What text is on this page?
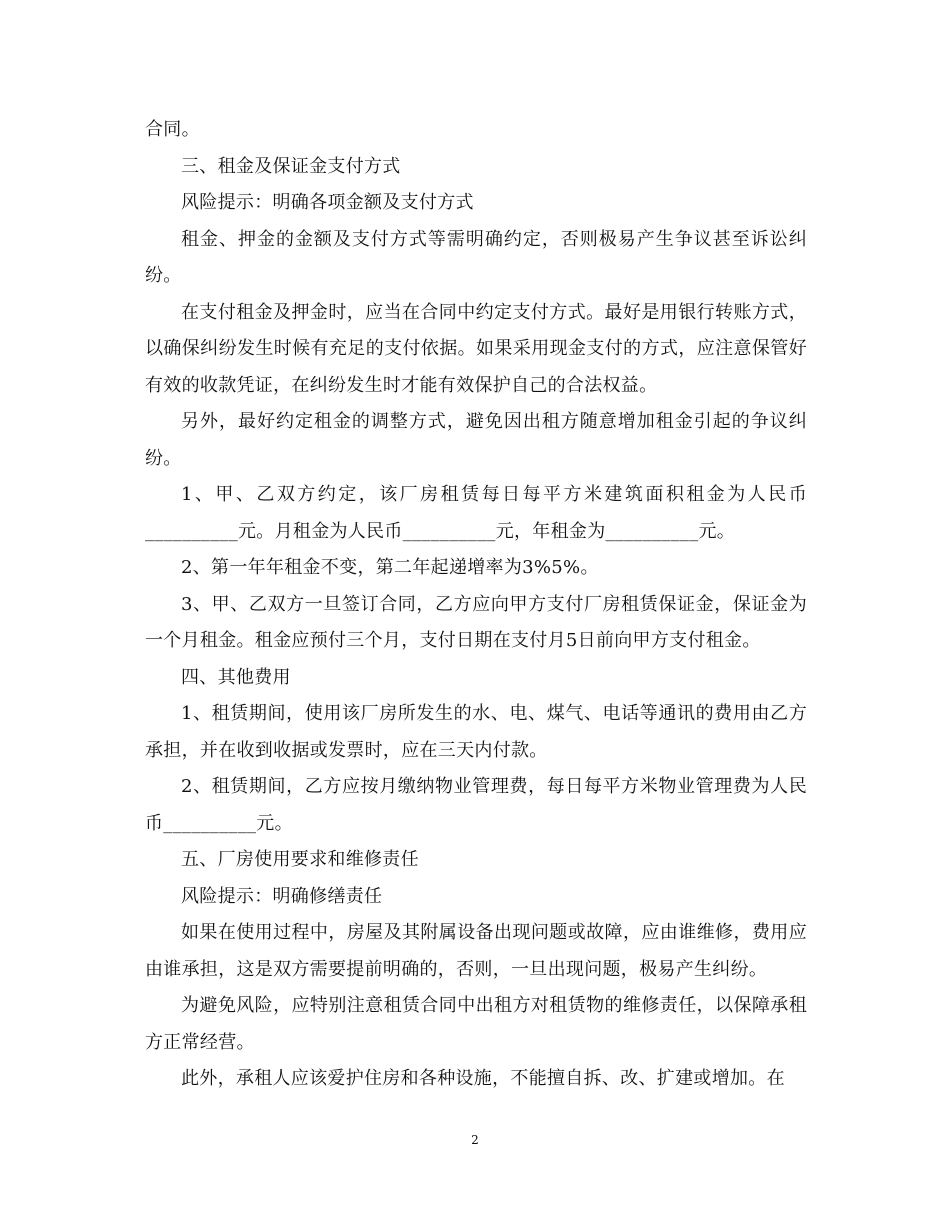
合同。

三、租金及保证金支付方式

风险提示：明确各项金额及支付方式

租金、押金的金额及支付方式等需明确约定，否则极易产生争议甚至诉讼纠纷。

在支付租金及押金时，应当在合同中约定支付方式。最好是用银行转账方式，以确保纠纷发生时候有充足的支付依据。如果采用现金支付的方式，应注意保管好有效的收款凭证，在纠纷发生时才能有效保护自己的合法权益。

另外，最好约定租金的调整方式，避免因出租方随意增加租金引起的争议纠纷。

1、甲、乙双方约定，该厂房租赁每日每平方米建筑面积租金为人民币__________元。月租金为人民币__________元，年租金为__________元。

2、第一年年租金不变，第二年起递增率为3%5%。

3、甲、乙双方一旦签订合同，乙方应向甲方支付厂房租赁保证金，保证金为一个月租金。租金应预付三个月，支付日期在支付月5日前向甲方支付租金。

四、其他费用

1、租赁期间，使用该厂房所发生的水、电、煤气、电话等通讯的费用由乙方承担，并在收到收据或发票时，应在三天内付款。

2、租赁期间，乙方应按月缴纳物业管理费，每日每平方米物业管理费为人民币__________元。

五、厂房使用要求和维修责任

风险提示：明确修缮责任

如果在使用过程中，房屋及其附属设备出现问题或故障，应由谁维修，费用应由谁承担，这是双方需要提前明确的，否则，一旦出现问题，极易产生纠纷。

为避免风险，应特别注意租赁合同中出租方对租赁物的维修责任，以保障承租方正常经营。

此外，承租人应该爱护住房和各种设施，不能擅自拆、改、扩建或增加。在

2
